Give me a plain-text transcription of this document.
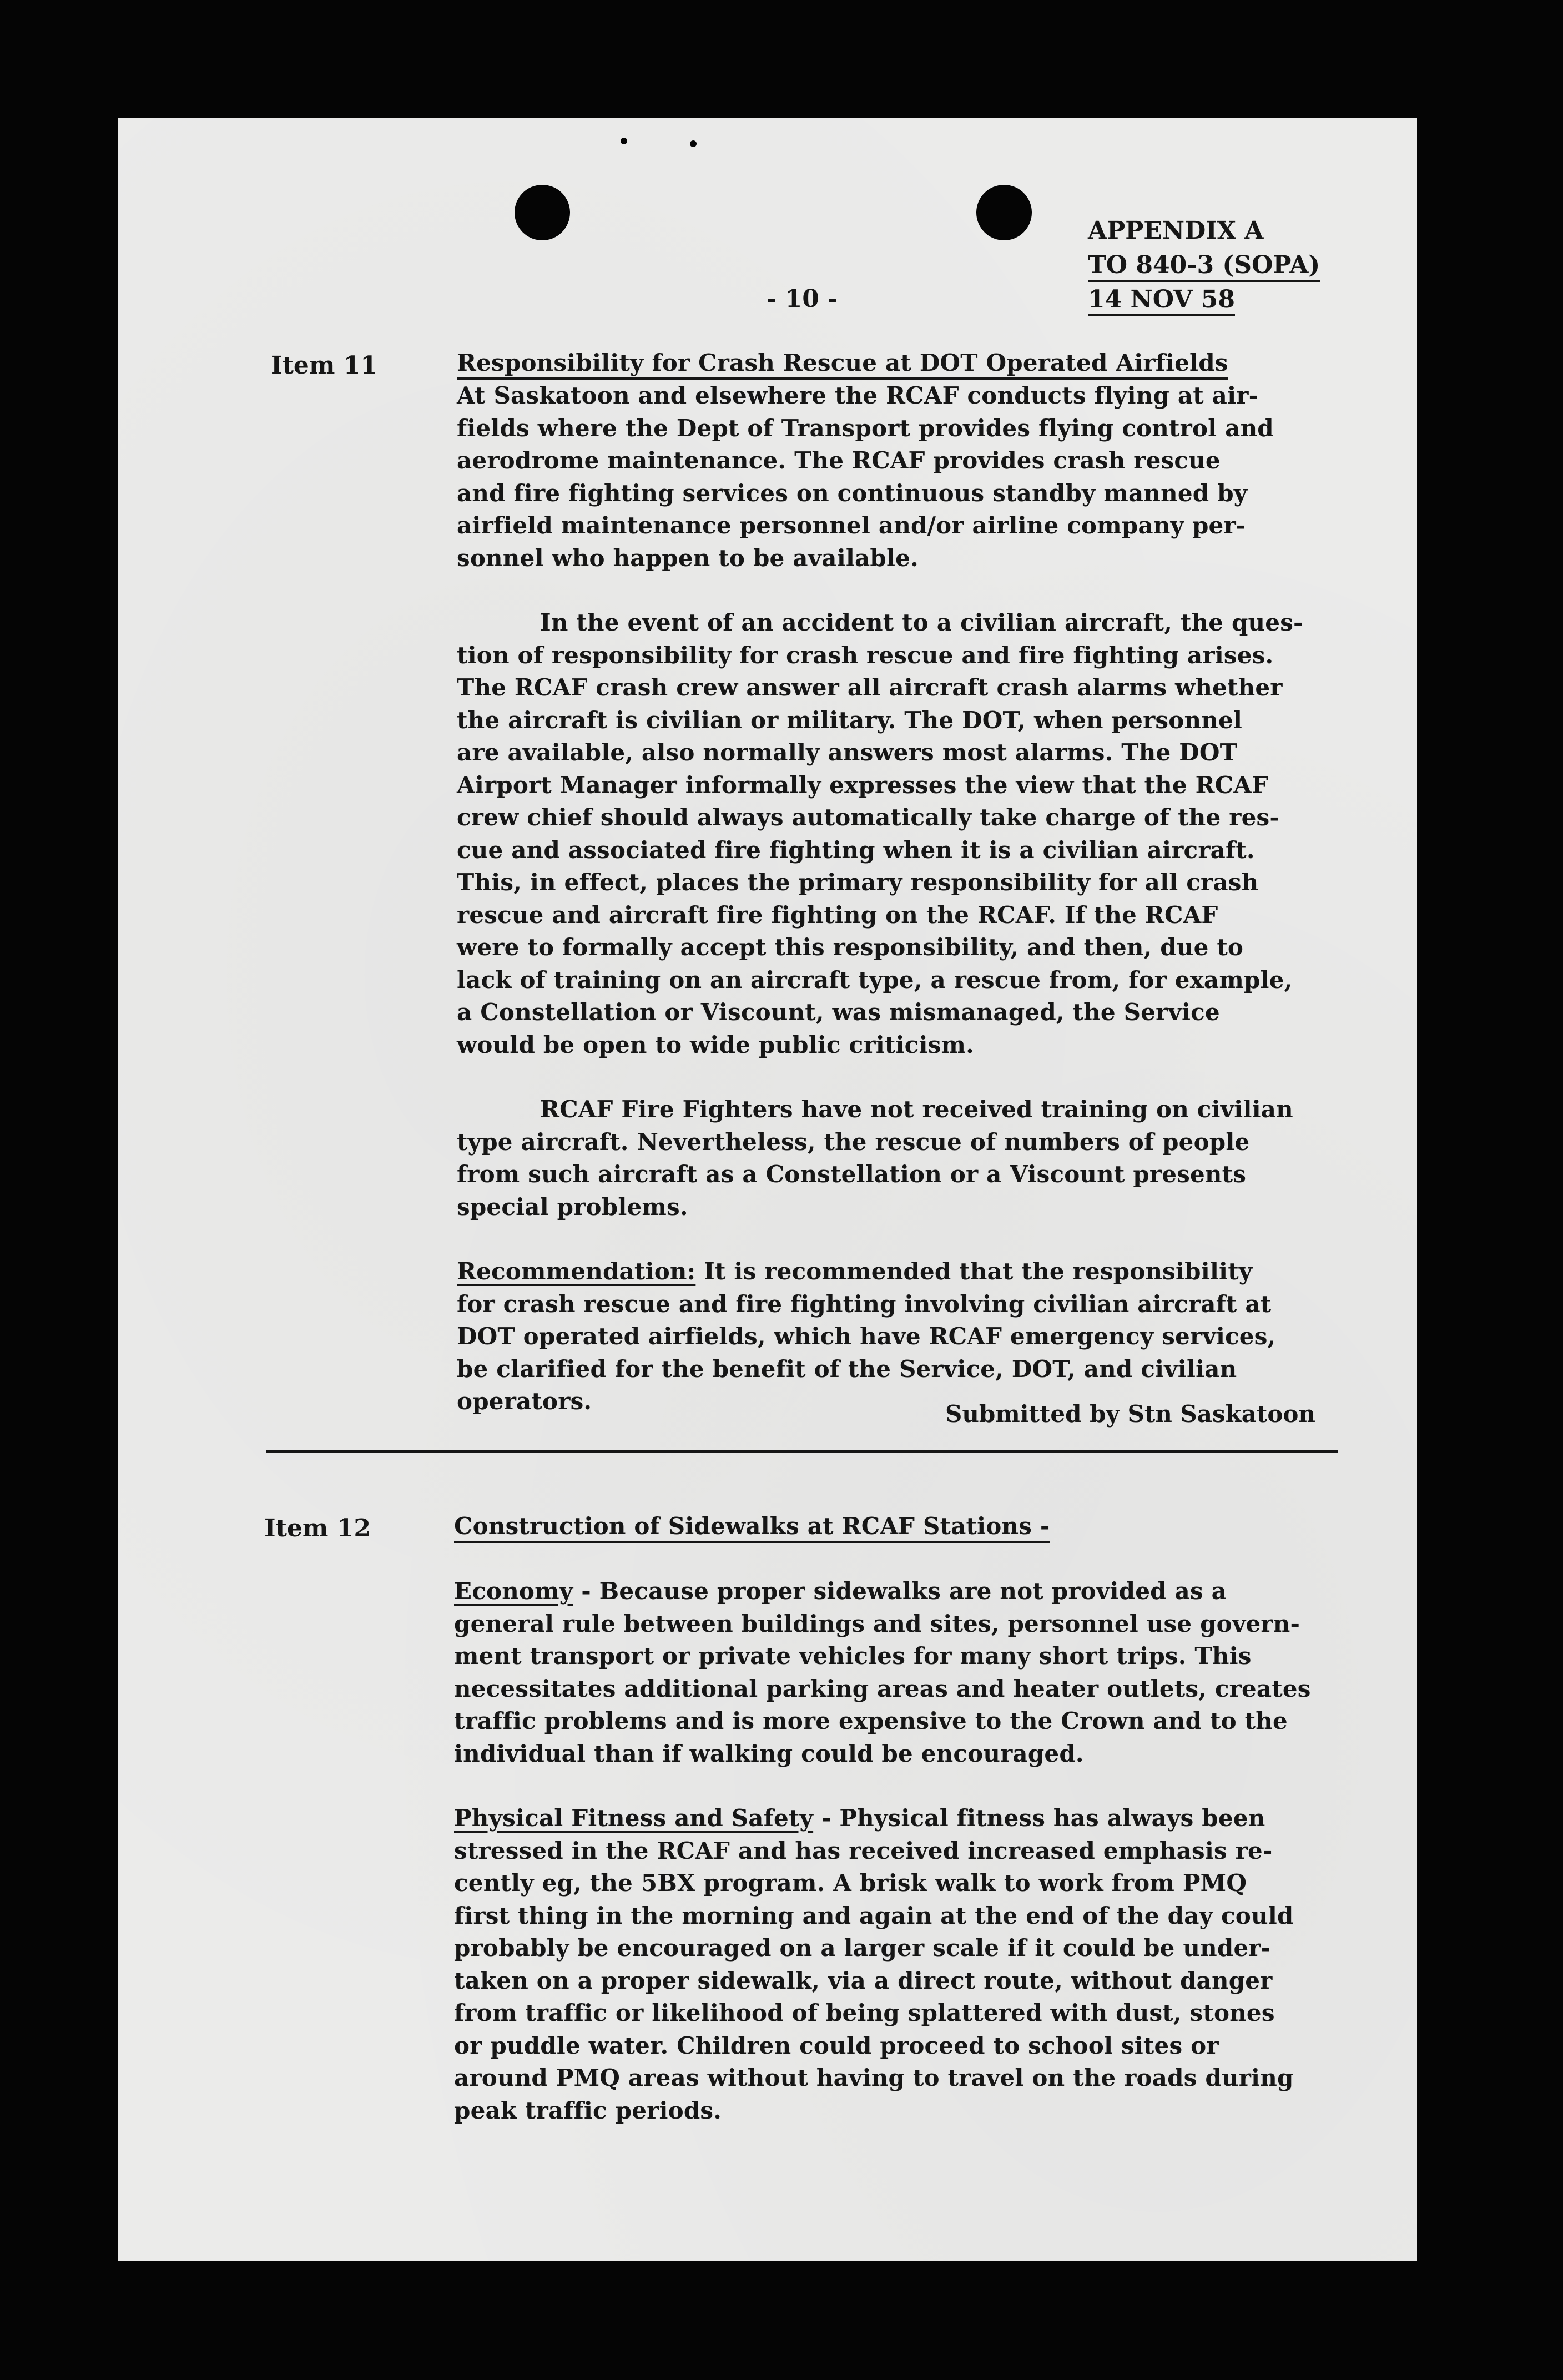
APPENDIX A
TO 840-3 (SOPA)
14 NOV 58
- 10 -
Item 11	Responsibility for Crash Rescue at DOT Operated Airfields
At Saskatoon and elsewhere the RCAF conducts flying at air-
fields where the Dept of Transport provides flying control and
aerodrome maintenance. The RCAF provides crash rescue
and fire fighting services on continuous standby manned by
airfield maintenance personnel and/or airline company per-
sonnel who happen to be available.
In the event of an accident to a civilian aircraft, the ques-
tion of responsibility for crash rescue and fire fighting arises.
The RCAF crash crew answer all aircraft crash alarms whether
the aircraft is civilian or military. The DOT, when personnel
are available, also normally answers most alarms. The DOT
Airport Manager informally expresses the view that the RCAF
crew chief should always automatically take charge of the res-
cue and associated fire fighting when it is a civilian aircraft.
This, in effect, places the primary responsibility for all crash
rescue and aircraft fire fighting on the RCAF. If the RCAF
were to formally accept this responsibility, and then, due to
lack of training on an aircraft type, a rescue from, for example,
a Constellation or Viscount, was mismanaged, the Service
would be open to wide public criticism.
RCAF Fire Fighters have not received training on civilian
type aircraft. Nevertheless, the rescue of numbers of people
from such aircraft as a Constellation or a Viscount presents
special problems.
Recommendation: It is recommended that the responsibility
for crash rescue and fire fighting involving civilian aircraft at
DOT operated airfields, which have RCAF emergency services,
be clarified for the benefit of the Service, DOT, and civilian
operators.	Submitted by Stn Saskatoon
Item 12	Construction of Sidewalks at RCAF Stations -
Economy - Because proper sidewalks are not provided as a
general rule between buildings and sites, personnel use govern-
ment transport or private vehicles for many short trips. This
necessitates additional parking areas and heater outlets, creates
traffic problems and is more expensive to the Crown and to the
individual than if walking could be encouraged.
Physical Fitness and Safety - Physical fitness has always been
stressed in the RCAF and has received increased emphasis re-
cently eg, the 5BX program. A brisk walk to work from PMQ
first thing in the morning and again at the end of the day could
probably be encouraged on a larger scale if it could be under-
taken on a proper sidewalk, via a direct route, without danger
from traffic or likelihood of being splattered with dust, stones
or puddle water. Children could proceed to school sites or
around PMQ areas without having to travel on the roads during
peak traffic periods.
